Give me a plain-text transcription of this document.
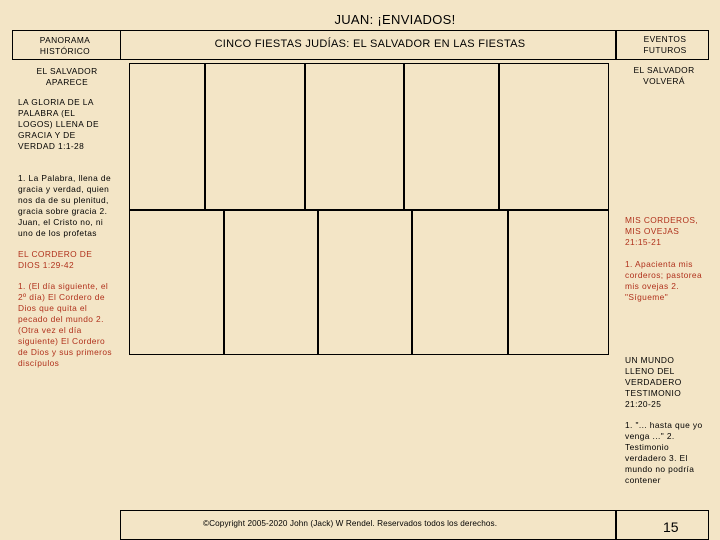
JUAN: ¡ENVIADOS!
PANORAMA HISTÓRICO
CINCO FIESTAS JUDÍAS: EL SALVADOR EN LAS FIESTAS	EVENTOS FUTUROS
EL SALVADOR APARECE
LA GLORIA DE LA PALABRA (EL LOGOS) LLENA DE GRACIA Y DE VERDAD 1:1-28
1. La Palabra, llena de gracia y verdad, quien nos da de su plenitud, gracia sobre gracia 2. Juan, el Cristo no, ni uno de los profetas
EL CORDERO DE DIOS 1:29-42
1. (El día siguiente, el 2º día) El Cordero de Dios que quita el pecado del mundo 2. (Otra vez el día siguiente) El Cordero de Dios y sus primeros discípulos
EL SALVADOR VOLVERÁ
MIS CORDEROS, MIS OVEJAS 21:15-21
1. Apacienta mis corderos; pastorea mis ovejas 2. "Sígueme"
UN MUNDO LLENO DEL VERDADERO TESTIMONIO 21:20-25
1. "... hasta que yo venga ..." 2. Testimonio verdadero 3. El mundo no podría contener
©Copyright 2005-2020 John (Jack) W Rendel. Reservados todos los derechos.	15
